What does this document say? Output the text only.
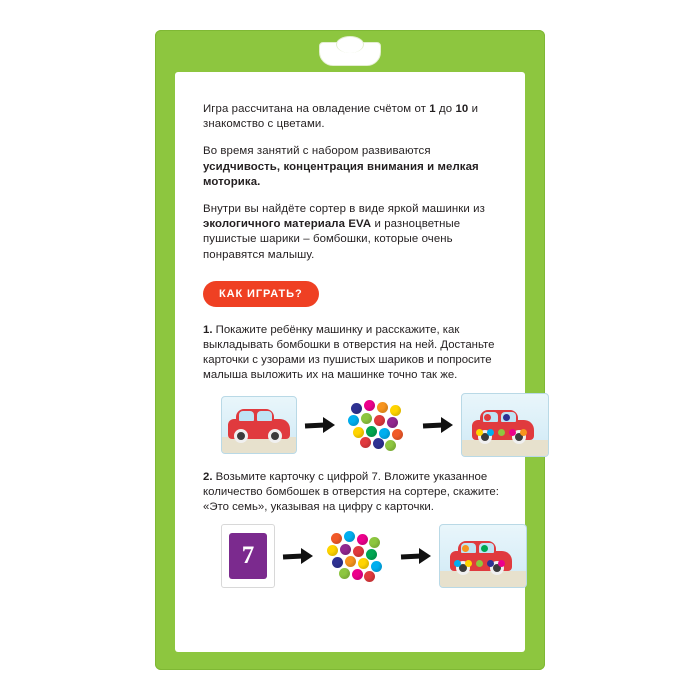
Игра рассчитана на овладение счётом от 1 до 10 и знакомство с цветами.
Во время занятий с набором развиваются усидчивость, концентрация внимания и мелкая моторика.
Внутри вы найдёте сортер в виде яркой машинки из экологичного материала EVA и разноцветные пушистые шарики – бомбошки, которые очень понравятся малышу.
КАК ИГРАТЬ?
1. Покажите ребёнку машинку и расскажите, как выкладывать бомбошки в отверстия на ней. Достаньте карточки с узорами из пушистых шариков и попросите малыша выложить их на машинке точно так же.
2. Возьмите карточку с цифрой 7. Вложите указанное количество бомбошек в отверстия на сортере, скажите: «Это семь», указывая на цифру с карточки.
7
